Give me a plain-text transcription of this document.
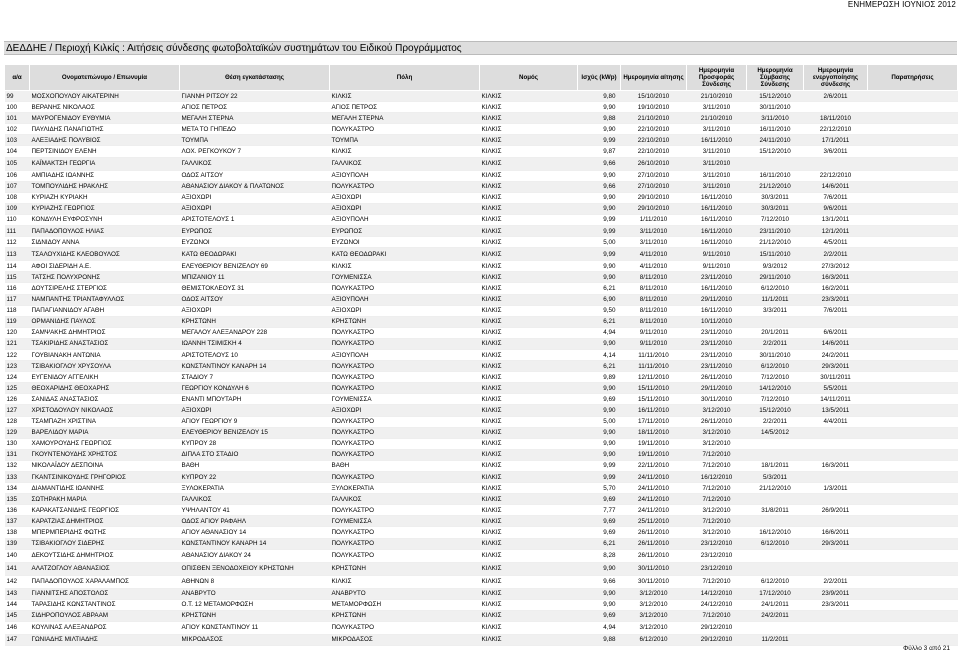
ΕΝΗΜΕΡΩΣΗ ΙΟΥΝΙΟΣ 2012
ΔΕΔΔΗΕ / Περιοχή Κιλκίς : Αιτήσεις σύνδεσης φωτοβολταϊκών συστημάτων του Ειδικού Προγράμματος
α/α	Ονοματεπώνυμο / Επωνυμία	Θέση εγκατάστασης	Πόλη	Νομός	Ισχύς (kWp)	Ημερομηνία αίτησης	Ημερομηνία Προσφοράς Σύνδεσης	Ημερομηνία Σύμβασης Σύνδεσης	Ημερομηνία ενεργοποίησης σύνδεσης	Παρατηρήσεις
99	ΜΟΣΧΟΠΟΥΛΟΥ ΑΙΚΑΤΕΡΙΝΗ	ΓΙΑΝΝΗ ΡΙΤΣΟΥ 22	ΚΙΛΚΙΣ	ΚΙΛΚΙΣ	9,80	15/10/2010	21/10/2010	15/12/2010	2/6/2011	
100	ΒΕΡΑΝΗΣ ΝΙΚΟΛΑΟΣ	ΑΓΙΟΣ ΠΕΤΡΟΣ	ΑΓΙΟΣ ΠΕΤΡΟΣ	ΚΙΛΚΙΣ	9,90	19/10/2010	3/11/2010	30/11/2010		
101	ΜΑΥΡΟΓΕΝΙΔΟΥ ΕΥΘΥΜΙΑ	ΜΕΓΑΛΗ ΣΤΕΡΝΑ	ΜΕΓΑΛΗ ΣΤΕΡΝΑ	ΚΙΛΚΙΣ	9,88	21/10/2010	21/10/2010	3/11/2010	18/11/2010	
102	ΠΑΥΛΙΔΗΣ ΠΑΝΑΓΙΩΤΗΣ	ΜΕΤΑ ΤΟ ΓΗΠΕΔΟ	ΠΟΛΥΚΑΣΤΡΟ	ΚΙΛΚΙΣ	9,90	22/10/2010	3/11/2010	16/11/2010	22/12/2010	
103	ΑΛΕΞΙΑΔΗΣ ΠΟΛΥΒΙΟΣ	ΤΟΥΜΠΑ	ΤΟΥΜΠΑ	ΚΙΛΚΙΣ	9,99	22/10/2010	16/11/2010	24/11/2010	17/1/2011	
104	ΠΕΡΤΣΙΝΙΔΟΥ ΕΛΕΝΗ	ΛΟΧ. ΡΕΓΚΟΥΚΟΥ 7	ΚΙΛΚΙΣ	ΚΙΛΚΙΣ	9,87	22/10/2010	3/11/2010	15/12/2010	3/6/2011	
105	ΚΑΪΜΑΚΤΣΗ ΓΕΩΡΓΙΑ	ΓΑΛΛΙΚΟΣ	ΓΑΛΛΙΚΟΣ	ΚΙΛΚΙΣ	9,66	26/10/2010	3/11/2010			
106	ΑΜΠΙΑΔΗΣ ΙΩΑΝΝΗΣ	ΟΔΟΣ ΑΙΤΣΟΥ	ΑΞΙΟΥΠΟΛΗ	ΚΙΛΚΙΣ	9,90	27/10/2010	3/11/2010	16/11/2010	22/12/2010	
107	ΤΟΜΠΟΥΛΙΔΗΣ ΗΡΑΚΛΗΣ	ΑΘΑΝΑΣΙΟΥ ΔΙΑΚΟΥ & ΠΛΑΤΩΝΟΣ	ΠΟΛΥΚΑΣΤΡΟ	ΚΙΛΚΙΣ	9,66	27/10/2010	3/11/2010	21/12/2010	14/6/2011	
108	ΚΥΡΙΑΖΗ ΚΥΡΙΑΚΗ	ΑΞΙΟΧΩΡΙ	ΑΞΙΟΧΩΡΙ	ΚΙΛΚΙΣ	9,90	29/10/2010	16/11/2010	30/3/2011	7/6/2011	
109	ΚΥΡΙΑΖΗΣ ΓΕΩΡΓΙΟΣ	ΑΞΙΟΧΩΡΙ	ΑΞΙΟΧΩΡΙ	ΚΙΛΚΙΣ	9,90	29/10/2010	16/11/2010	30/3/2011	9/6/2011	
110	ΚΟΝΔΥΛΗ ΕΥΦΡΟΣΥΝΗ	ΑΡΙΣΤΟΤΕΛΟΥΣ 1	ΑΞΙΟΥΠΟΛΗ	ΚΙΛΚΙΣ	9,99	1/11/2010	16/11/2010	7/12/2010	13/1/2011	
111	ΠΑΠΑΔΟΠΟΥΛΟΣ ΗΛΙΑΣ	ΕΥΡΩΠΟΣ	ΕΥΡΩΠΟΣ	ΚΙΛΚΙΣ	9,99	3/11/2010	16/11/2010	23/11/2010	12/1/2011	
112	ΣΙΔΝΙΔΟΥ ΑΝΝΑ	ΕΥΖΩΝΟΙ	ΕΥΖΩΝΟΙ	ΚΙΛΚΙΣ	5,00	3/11/2010	16/11/2010	21/12/2010	4/5/2011	
113	ΤΣΑΛΟΥΧΙΔΗΣ ΚΛΕΟΒΟΥΛΟΣ	ΚΑΤΩ ΘΕΟΔΩΡΑΚΙ	ΚΑΤΩ ΘΕΟΔΩΡΑΚΙ	ΚΙΛΚΙΣ	9,99	4/11/2010	9/11/2010	15/11/2010	2/2/2011	
114	ΑΦΟΙ ΣΙΔΕΡΙΔΗ Α.Ε.	ΕΛΕΥΘΕΡΙΟΥ ΒΕΝΙΖΕΛΟΥ 69	ΚΙΛΚΙΣ	ΚΙΛΚΙΣ	9,90	4/11/2010	9/11/2010	9/3/2012	27/3/2012	
115	ΤΑΤΣΗΣ ΠΟΛΥΧΡΟΝΗΣ	ΜΠΙΖΑΝΙΟΥ 11	ΓΟΥΜΕΝΙΣΣΑ	ΚΙΛΚΙΣ	9,90	8/11/2010	23/11/2010	29/11/2010	16/3/2011	
116	ΔΟΥΤΣΙΡΕΛΗΣ ΣΤΕΡΓΙΟΣ	ΘΕΜΙΣΤΟΚΛΕΟΥΣ 31	ΠΟΛΥΚΑΣΤΡΟ	ΚΙΛΚΙΣ	6,21	8/11/2010	16/11/2010	6/12/2010	16/2/2011	
117	ΝΑΜΠΑΝΤΗΣ ΤΡΙΑΝΤΑΦΥΛΛΟΣ	ΟΔΟΣ ΑΙΤΣΟΥ	ΑΞΙΟΥΠΟΛΗ	ΚΙΛΚΙΣ	6,90	8/11/2010	29/11/2010	11/1/2011	23/3/2011	
118	ΠΑΠΑΓΙΑΝΝΙΔΟΥ ΑΓΑΘΗ	ΑΞΙΟΧΩΡΙ	ΑΞΙΟΧΩΡΙ	ΚΙΛΚΙΣ	9,50	8/11/2010	16/11/2010	3/3/2011	7/6/2011	
119	ΟΡΜΑΝΙΔΗΣ ΠΑΥΛΟΣ	ΚΡΗΣΤΩΝΗ	ΚΡΗΣΤΩΝΗ	ΚΙΛΚΙΣ	6,21	8/11/2010	10/11/2010			
120	ΣΑΜΨΑΚΗΣ ΔΗΜΗΤΡΙΟΣ	ΜΕΓΑΛΟΥ ΑΛΕΞΑΝΔΡΟΥ 228	ΠΟΛΥΚΑΣΤΡΟ	ΚΙΛΚΙΣ	4,94	9/11/2010	23/11/2010	20/1/2011	6/6/2011	
121	ΤΣΑΚΙΡΙΔΗΣ ΑΝΑΣΤΑΣΙΟΣ	ΙΩΑΝΝΗ ΤΣΙΜΙΣΚΗ 4	ΠΟΛΥΚΑΣΤΡΟ	ΚΙΛΚΙΣ	9,90	9/11/2010	23/11/2010	2/2/2011	14/6/2011	
122	ΓΟΥΒΙΑΝΑΚΗ ΑΝΤΩΝΙΑ	ΑΡΙΣΤΟΤΕΛΟΥΣ 10	ΑΞΙΟΥΠΟΛΗ	ΚΙΛΚΙΣ	4,14	11/11/2010	23/11/2010	30/11/2010	24/2/2011	
123	ΤΣΙΒΑΚΙΟΓΛΟΥ ΧΡΥΣΟΥΛΑ	ΚΩΝΣΤΑΝΤΙΝΟΥ ΚΑΝΑΡΗ 14	ΠΟΛΥΚΑΣΤΡΟ	ΚΙΛΚΙΣ	6,21	11/11/2010	23/11/2010	6/12/2010	29/3/2011	
124	ΕΥΓΕΝΙΔΟΥ ΑΓΓΕΛΙΚΗ	ΣΤΑΔΙΟΥ 7	ΠΟΛΥΚΑΣΤΡΟ	ΚΙΛΚΙΣ	9,89	12/11/2010	26/11/2010	7/12/2010	30/11/2011	
125	ΘΕΟΧΑΡΙΔΗΣ ΘΕΟΧΑΡΗΣ	ΓΕΩΡΓΙΟΥ ΚΟΝΔΥΛΗ 6	ΠΟΛΥΚΑΣΤΡΟ	ΚΙΛΚΙΣ	9,90	15/11/2010	29/11/2010	14/12/2010	5/5/2011	
126	ΣΑΝΙΔΑΣ ΑΝΑΣΤΑΣΙΟΣ	ΕΝΑΝΤΙ ΜΠΟΥΤΑΡΗ	ΓΟΥΜΕΝΙΣΣΑ	ΚΙΛΚΙΣ	9,69	15/11/2010	30/11/2010	7/12/2010	14/11/2011	
127	ΧΡΙΣΤΟΔΟΥΛΟΥ ΝΙΚΟΛΑΟΣ	ΑΞΙΟΧΩΡΙ	ΑΞΙΟΧΩΡΙ	ΚΙΛΚΙΣ	9,90	16/11/2010	3/12/2010	15/12/2010	13/5/2011	
128	ΤΣΑΜΠΑΖΗ ΧΡΙΣΤΙΝΑ	ΑΓΙΟΥ ΓΕΩΡΓΙΟΥ 9	ΠΟΛΥΚΑΣΤΡΟ	ΚΙΛΚΙΣ	5,00	17/11/2010	26/11/2010	2/2/2011	4/4/2011	
129	ΒΑΡΕΛΙΔΟΥ ΜΑΡΙΑ	ΕΛΕΥΘΕΡΙΟΥ ΒΕΝΙΖΕΛΟΥ 15	ΠΟΛΥΚΑΣΤΡΟ	ΚΙΛΚΙΣ	9,90	18/11/2010	3/12/2010	14/5/2012		
130	ΧΑΜΟΥΡΟΥΔΗΣ ΓΕΩΡΓΙΟΣ	ΚΥΠΡΟΥ 28	ΠΟΛΥΚΑΣΤΡΟ	ΚΙΛΚΙΣ	9,90	19/11/2010	3/12/2010			
131	ΓΚΟΥΝΤΕΝΟΥΔΗΣ ΧΡΗΣΤΟΣ	ΔΙΠΛΑ ΣΤΟ ΣΤΑΔΙΟ	ΠΟΛΥΚΑΣΤΡΟ	ΚΙΛΚΙΣ	9,90	19/11/2010	7/12/2010			
132	ΝΙΚΟΛΑΪΔΟΥ ΔΕΣΠΟΙΝΑ	ΒΑΘΗ	ΒΑΘΗ	ΚΙΛΚΙΣ	9,99	22/11/2010	7/12/2010	18/1/2011	16/3/2011	
133	ΓΚΑΝΤΣΙΝΙΚΟΥΔΗΣ ΓΡΗΓΟΡΙΟΣ	ΚΥΠΡΟΥ 22	ΠΟΛΥΚΑΣΤΡΟ	ΚΙΛΚΙΣ	9,99	24/11/2010	16/12/2010	5/3/2011		
134	ΔΙΑΜΑΝΤΙΔΗΣ ΙΩΑΝΝΗΣ	ΞΥΛΟΚΕΡΑΤΙΑ	ΞΥΛΟΚΕΡΑΤΙΑ	ΚΙΛΚΙΣ	5,70	24/11/2010	7/12/2010	21/12/2010	1/3/2011	
135	ΣΩΤΗΡΑΚΗ ΜΑΡΙΑ	ΓΑΛΛΙΚΟΣ	ΓΑΛΛΙΚΟΣ	ΚΙΛΚΙΣ	9,69	24/11/2010	7/12/2010			
136	ΚΑΡΑΚΑΤΣΑΝΙΔΗΣ ΓΕΩΡΓΙΟΣ	ΥΨΗΛΑΝΤΟΥ 41	ΠΟΛΥΚΑΣΤΡΟ	ΚΙΛΚΙΣ	7,77	24/11/2010	3/12/2010	31/8/2011	26/9/2011	
137	ΚΑΡΑΤΖΙΑΣ ΔΗΜΗΤΡΙΟΣ	ΟΔΟΣ ΑΓΙΟΥ ΡΑΦΑΗΛ	ΓΟΥΜΕΝΙΣΣΑ	ΚΙΛΚΙΣ	9,69	25/11/2010	7/12/2010			
138	ΜΠΕΡΜΠΕΡΙΔΗΣ ΦΩΤΗΣ	ΑΓΙΟΥ ΑΘΑΝΑΣΙΟΥ 14	ΠΟΛΥΚΑΣΤΡΟ	ΚΙΛΚΙΣ	9,69	26/11/2010	3/12/2010	16/12/2010	16/6/2011	
139	ΤΣΙΒΑΚΙΟΓΛΟΥ ΣΙΔΕΡΗΣ	ΚΩΝΣΤΑΝΤΙΝΟΥ ΚΑΝΑΡΗ 14	ΠΟΛΥΚΑΣΤΡΟ	ΚΙΛΚΙΣ	6,21	26/11/2010	23/12/2010	6/12/2010	29/3/2011	
140	ΔΕΚΟΥΤΣΙΔΗΣ ΔΗΜΗΤΡΙΟΣ	ΑΘΑΝΑΣΙΟΥ ΔΙΑΚΟΥ 24	ΠΟΛΥΚΑΣΤΡΟ	ΚΙΛΚΙΣ	8,28	26/11/2010	23/12/2010			
141	ΑΛΑΤΖΟΓΛΟΥ ΑΘΑΝΑΣΙΟΣ	ΟΠΙΣΘΕΝ ΞΕΝΟΔΟΧΕΙΟΥ ΚΡΗΣΤΩΝΗ	ΚΡΗΣΤΩΝΗ	ΚΙΛΚΙΣ	9,90	30/11/2010	23/12/2010			
142	ΠΑΠΑΔΟΠΟΥΛΟΣ ΧΑΡΑΛΑΜΠΟΣ	ΑΘΗΝΩΝ 8	ΚΙΛΚΙΣ	ΚΙΛΚΙΣ	9,66	30/11/2010	7/12/2010	6/12/2010	2/2/2011	
143	ΓΙΑΝΝΙΤΣΗΣ ΑΠΟΣΤΟΛΟΣ	ΑΝΑΒΡΥΤΟ	ΑΝΑΒΡΥΤΟ	ΚΙΛΚΙΣ	9,90	3/12/2010	14/12/2010	17/12/2010	23/9/2011	
144	ΤΑΡΑΣΙΔΗΣ ΚΩΝΣΤΑΝΤΙΝΟΣ	Ο.Τ. 12 ΜΕΤΑΜΟΡΦΩΣΗ	ΜΕΤΑΜΟΡΦΩΣΗ	ΚΙΛΚΙΣ	9,90	3/12/2010	24/12/2010	24/1/2011	23/3/2011	
145	ΣΙΔΗΡΟΠΟΥΛΟΣ ΑΒΡΑΑΜ	ΚΡΗΣΤΩΝΗ	ΚΡΗΣΤΩΝΗ	ΚΙΛΚΙΣ	9,69	3/12/2010	7/12/2010	24/2/2011		
146	ΚΟΥΛΙΝΑΣ ΑΛΕΞΑΝΔΡΟΣ	ΑΓΙΟΥ ΚΩΝΣΤΑΝΤΙΝΟΥ 11	ΠΟΛΥΚΑΣΤΡΟ	ΚΙΛΚΙΣ	4,94	3/12/2010	29/12/2010			
147	ΓΩΝΙΑΔΗΣ ΜΙΛΤΙΑΔΗΣ	ΜΙΚΡΟΔΑΣΟΣ	ΜΙΚΡΟΔΑΣΟΣ	ΚΙΛΚΙΣ	9,88	6/12/2010	29/12/2010	11/2/2011		
Φύλλο 3 από 21
